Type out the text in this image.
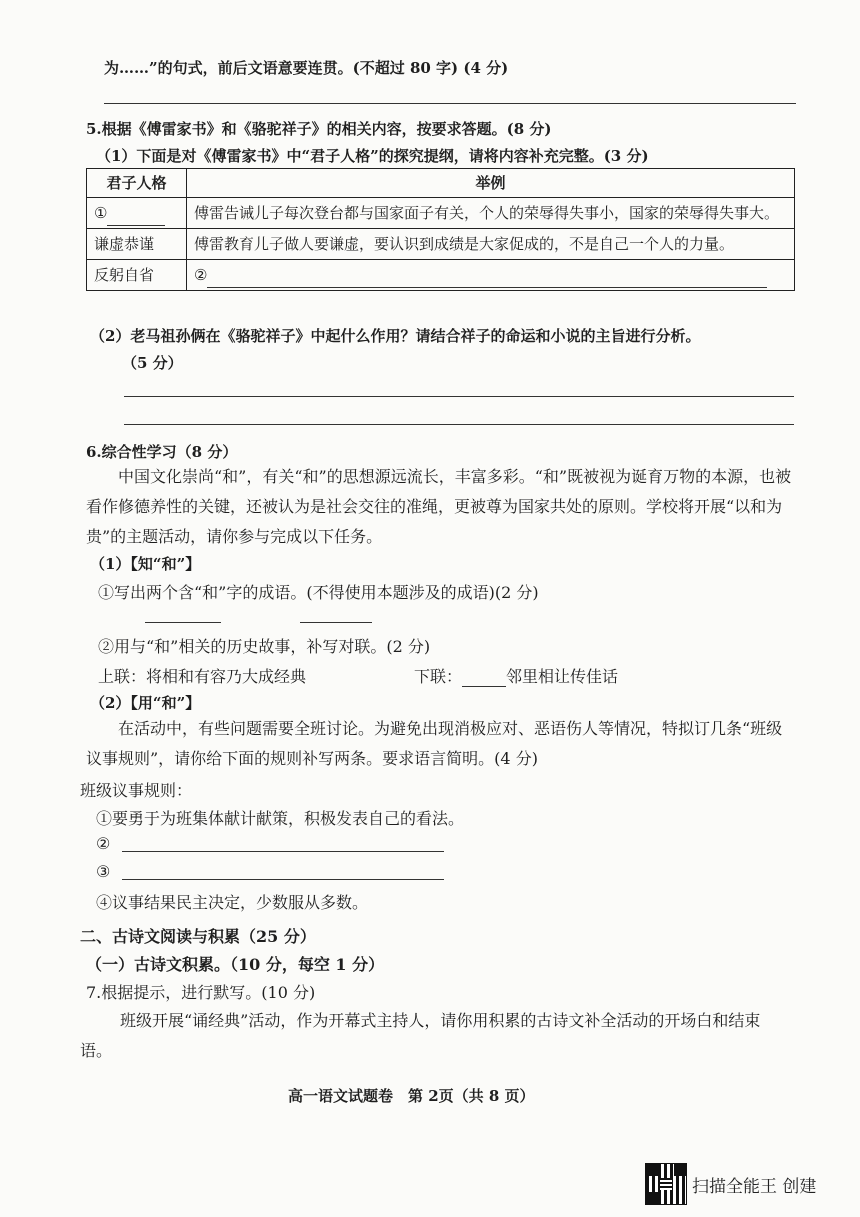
为……”的句式，前后文语意要连贯。(不超过 80 字) (4 分)
5.根据《傅雷家书》和《骆驼祥子》的相关内容，按要求答题。(8 分)
（1）下面是对《傅雷家书》中“君子人格”的探究提纲，请将内容补充完整。(3 分)
君子人格	举例
①	傅雷告诫儿子每次登台都与国家面子有关，个人的荣辱得失事小，国家的荣辱得失事大。
谦虚恭谨	傅雷教育儿子做人要谦虚，要认识到成绩是大家促成的，不是自己一个人的力量。
反躬自省	②
（2）老马祖孙俩在《骆驼祥子》中起什么作用？请结合祥子的命运和小说的主旨进行分析。
（5 分）
6.综合性学习（8 分）
中国文化崇尚“和”，有关“和”的思想源远流长，丰富多彩。“和”既被视为诞育万物的本源，也被看作修德养性的关键，还被认为是社会交往的准绳，更被尊为国家共处的原则。学校将开展“以和为贵”的主题活动，请你参与完成以下任务。
（1）【知“和”】
①写出两个含“和”字的成语。(不得使用本题涉及的成语)(2 分)
②用与“和”相关的历史故事，补写对联。(2 分)
上联：将相和有容乃大成经典	下联：	邻里相让传佳话
（2）【用“和”】
在活动中，有些问题需要全班讨论。为避免出现消极应对、恶语伤人等情况，特拟订几条“班级议事规则”，请你给下面的规则补写两条。要求语言简明。(4 分)
班级议事规则：
①要勇于为班集体献计献策，积极发表自己的看法。
②
③
④议事结果民主决定，少数服从多数。
二、古诗文阅读与积累（25 分）
（一）古诗文积累。（10 分，每空 1 分）
7.根据提示，进行默写。(10 分)
班级开展“诵经典”活动，作为开幕式主持人，请你用积累的古诗文补全活动的开场白和结束语。
高一语文试题卷　第 2页（共 8 页）
扫描全能王 创建
